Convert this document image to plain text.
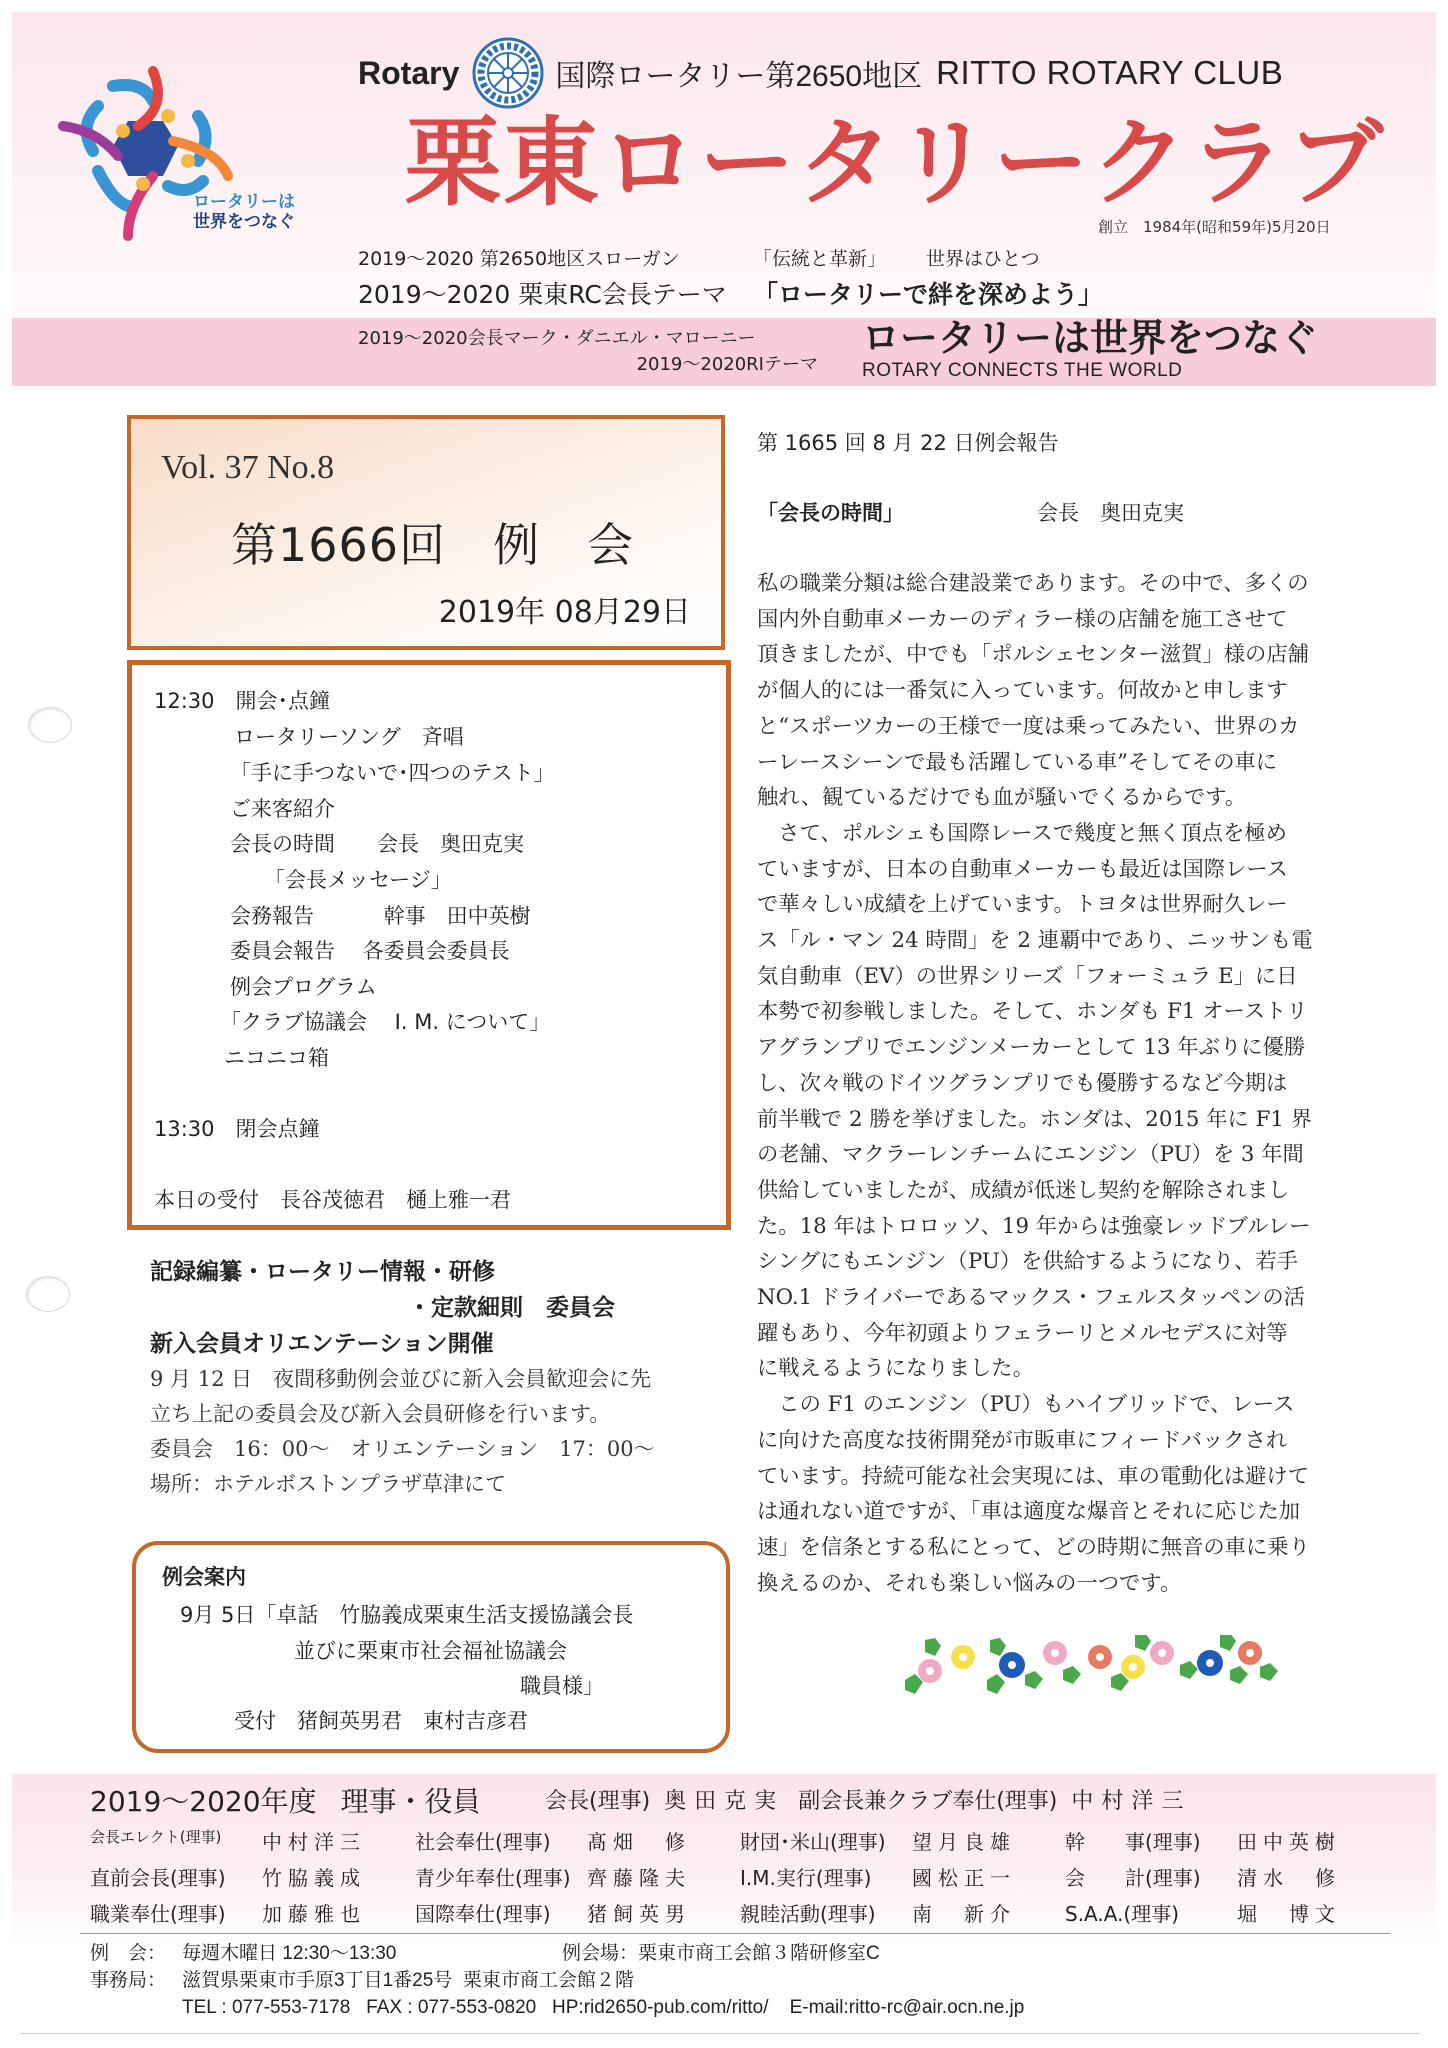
ロータリーは
世界をつなぐ
Rotary	国際ロータリー第2650地区 RITTO ROTARY CLUB
栗東ロータリークラブ
創立　1984年(昭和59年)5月20日
2019～2020 第2650地区スローガン	「伝統と革新」 世界はひとつ
2019～2020 栗東RC会長テーマ	「ロータリーで絆を深めよう」
2019～2020会長マーク・ダニエル・マローニー
2019～2020RIテーマ
ロータリーは世界をつなぐ
ROTARY CONNECTS THE WORLD
Vol. 37 No.8
第1666回　例　会
2019年 08月29日
12:30　 開会･点鐘
ロータリーソング　斉唱
「手に手つないで･四つのテスト」
ご来客紹介
会長の時間　　会長　奥田克実
「会長メッセージ」
会務報告　　　 幹事　田中英樹
委員会報告　 各委員会委員長
例会プログラム
「クラブ協議会　 I. M. について」
ニコニコ箱
13:30　 閉会点鐘
本日の受付　長谷茂徳君　樋上雅一君
記録編纂・ロータリー情報・研修
・定款細則　委員会
新入会員オリエンテーション開催
9 月 12 日　夜間移動例会並びに新入会員歓迎会に先
立ち上記の委員会及び新入会員研修を行います。
委員会　16：00～　オリエンテーション　17：00～
場所：ホテルボストンプラザ草津にて
例会案内
9月 5日「卓話　竹脇義成栗東生活支援協議会長
並びに栗東市社会福祉協議会
職員様」
受付　猪飼英男君　東村吉彦君
第 1665 回 8 月 22 日例会報告
「会長の時間」	会長　奥田克実
私の職業分類は総合建設業であります。その中で、多くの
国内外自動車メーカーのディラー様の店舗を施工させて
頂きましたが、中でも「ポルシェセンター滋賀」様の店舗
が個人的には一番気に入っています。何故かと申します
と“スポーツカーの王様で一度は乗ってみたい、世界のカ
ーレースシーンで最も活躍している車”そしてその車に
触れ、観ているだけでも血が騒いでくるからです。
　さて、ポルシェも国際レースで幾度と無く頂点を極め
ていますが、日本の自動車メーカーも最近は国際レース
で華々しい成績を上げています。トヨタは世界耐久レー
ス「ル・マン 24 時間」を 2 連覇中であり、ニッサンも電
気自動車（EV）の世界シリーズ「フォーミュラ E」に日
本勢で初参戦しました。そして、ホンダも F1 オーストリ
アグランプリでエンジンメーカーとして 13 年ぶりに優勝
し、次々戦のドイツグランプリでも優勝するなど今期は
前半戦で 2 勝を挙げました。ホンダは、2015 年に F1 界
の老舗、マクラーレンチームにエンジン（PU）を 3 年間
供給していましたが、成績が低迷し契約を解除されまし
た。18 年はトロロッソ、19 年からは強豪レッドブルレー
シングにもエンジン（PU）を供給するようになり、若手
NO.1 ドライバーであるマックス・フェルスタッペンの活
躍もあり、今年初頭よりフェラーリとメルセデスに対等
に戦えるようになりました。
　この F1 のエンジン（PU）もハイブリッドで、レース
に向けた高度な技術開発が市販車にフィードバックされ
ています。持続可能な社会実現には、車の電動化は避けて
は通れない道ですが、「車は適度な爆音とそれに応じた加
速」を信条とする私にとって、どの時期に無音の車に乗り
換えるのか、それも楽しい悩みの一つです。
2019～2020年度 理事・役員	会長(理事) 奥田克実 副会長兼クラブ奉仕(理事) 中村洋三
会長エレクト(理事)	中村洋三	社会奉仕(理事)	髙畑　修	財団･米山(理事)	望月良雄	幹　　事(理事)	田中英樹
直前会長(理事)	竹脇義成	青少年奉仕(理事) 齊藤隆夫	I.M.実行(理事)	國松正一	会　　計(理事)	清水　修
職業奉仕(理事)	加藤雅也	国際奉仕(理事)	猪飼英男	親睦活動(理事)	南　新介	S.A.A.(理事)	堀　博文
例　会： 毎週木曜日 12:30～13:30	例会場： 栗東市商工会館３階研修室C
事務局： 滋賀県栗東市手原3丁目1番25号  栗東市商工会館２階
TEL : 077-553-7178   FAX : 077-553-0820   HP:rid2650-pub.com/ritto/    E-mail:ritto-rc@air.ocn.ne.jp
